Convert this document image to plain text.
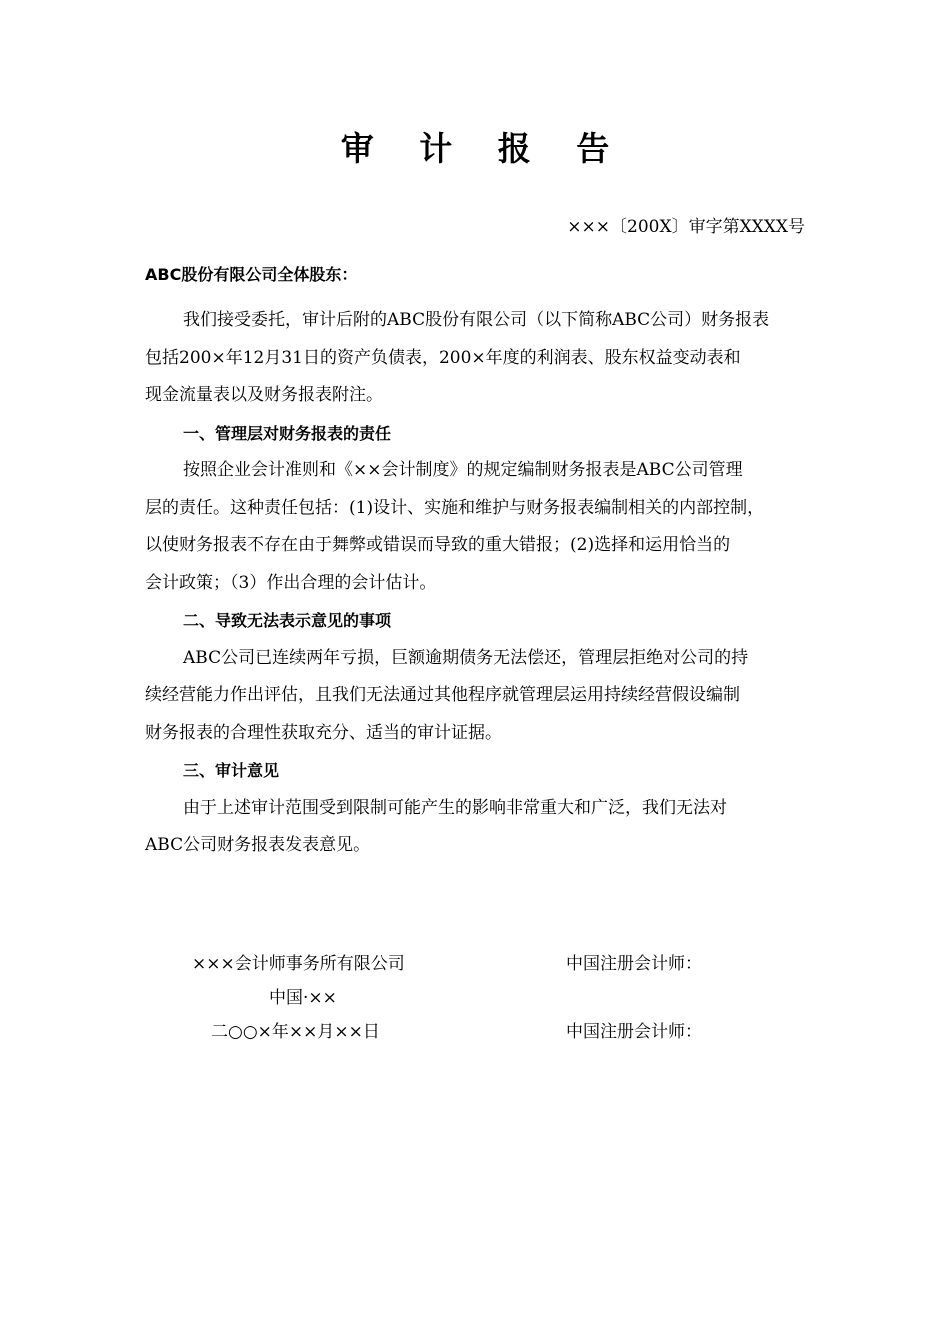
审 计 报 告
×××〔200X〕审字第XXXX号
ABC股份有限公司全体股东：
我们接受委托，审计后附的ABC股份有限公司（以下简称ABC公司）财务报表
包括200×年12月31日的资产负债表，200×年度的利润表、股东权益变动表和
现金流量表以及财务报表附注。
一、管理层对财务报表的责任
按照企业会计准则和《××会计制度》的规定编制财务报表是ABC公司管理
层的责任。这种责任包括：(1)设计、实施和维护与财务报表编制相关的内部控制，
以使财务报表不存在由于舞弊或错误而导致的重大错报；(2)选择和运用恰当的
会计政策；（3）作出合理的会计估计。
二、导致无法表示意见的事项
ABC公司已连续两年亏损，巨额逾期债务无法偿还，管理层拒绝对公司的持
续经营能力作出评估，且我们无法通过其他程序就管理层运用持续经营假设编制
财务报表的合理性获取充分、适当的审计证据。
三、审计意见
由于上述审计范围受到限制可能产生的影响非常重大和广泛，我们无法对
ABC公司财务报表发表意见。
×××会计师事务所有限公司
中国·××
二○○×年××月××日
中国注册会计师：
中国注册会计师：
